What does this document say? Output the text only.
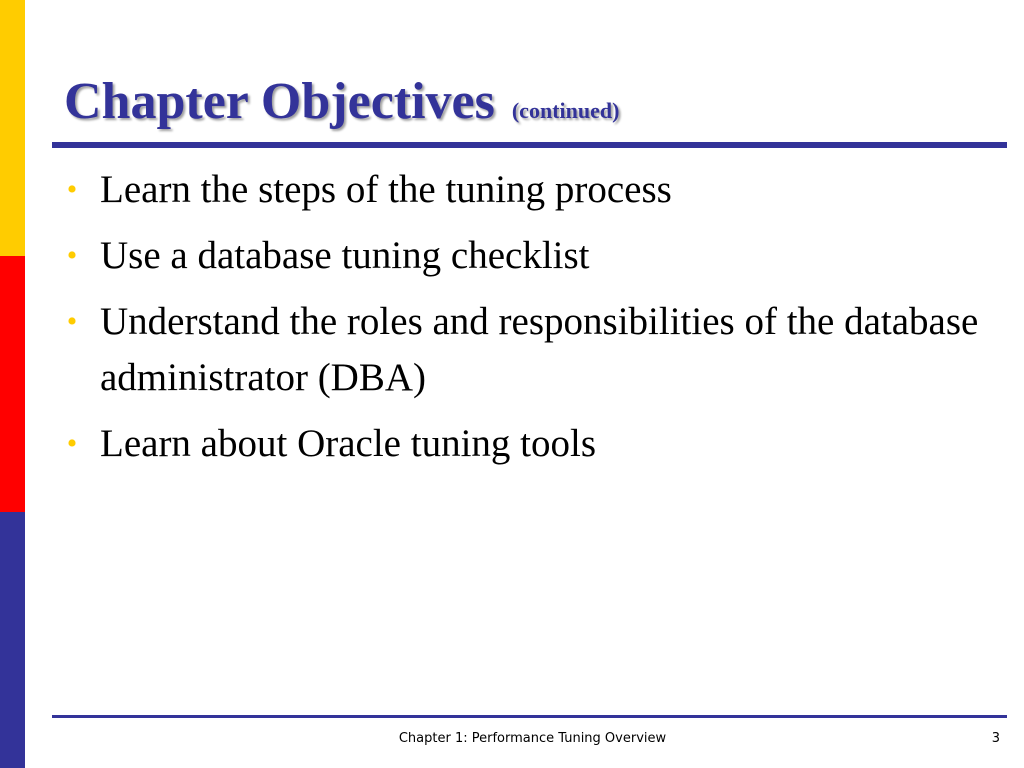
Chapter Objectives (continued)
• Learn the steps of the tuning process
• Use a database tuning checklist
• Understand the roles and responsibilities of the database administrator (DBA)
• Learn about Oracle tuning tools
Chapter 1: Performance Tuning Overview	3
